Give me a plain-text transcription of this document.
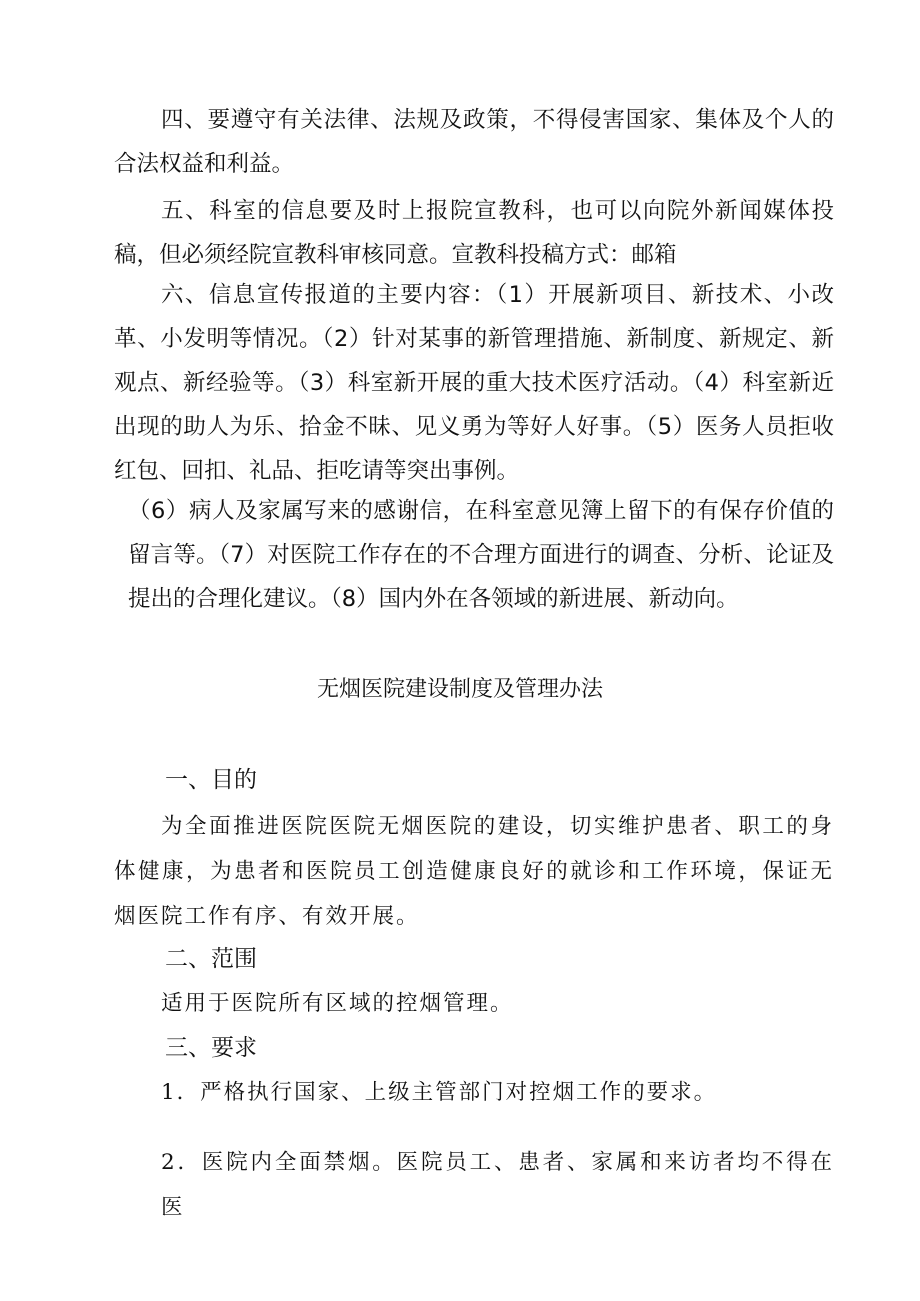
四、要遵守有关法律、法规及政策，不得侵害国家、集体及个人的合法权益和利益。

五、科室的信息要及时上报院宣教科，也可以向院外新闻媒体投稿，但必须经院宣教科审核同意。宣教科投稿方式：邮箱

六、信息宣传报道的主要内容：（1）开展新项目、新技术、小改革、小发明等情况。（2）针对某事的新管理措施、新制度、新规定、新观点、新经验等。（3）科室新开展的重大技术医疗活动。（4）科室新近出现的助人为乐、拾金不昧、见义勇为等好人好事。（5）医务人员拒收红包、回扣、礼品、拒吃请等突出事例。

（6）病人及家属写来的感谢信，在科室意见簿上留下的有保存价值的留言等。（7）对医院工作存在的不合理方面进行的调查、分析、论证及提出的合理化建议。（8）国内外在各领域的新进展、新动向。

无烟医院建设制度及管理办法
一、目的

为全面推进医院医院无烟医院的建设，切实维护患者、职工的身体健康，为患者和医院员工创造健康良好的就诊和工作环境，保证无烟医院工作有序、有效开展。

二、范围

适用于医院所有区域的控烟管理。

三、要求

1．严格执行国家、上级主管部门对控烟工作的要求。

2．医院内全面禁烟。医院员工、患者、家属和来访者均不得在医
